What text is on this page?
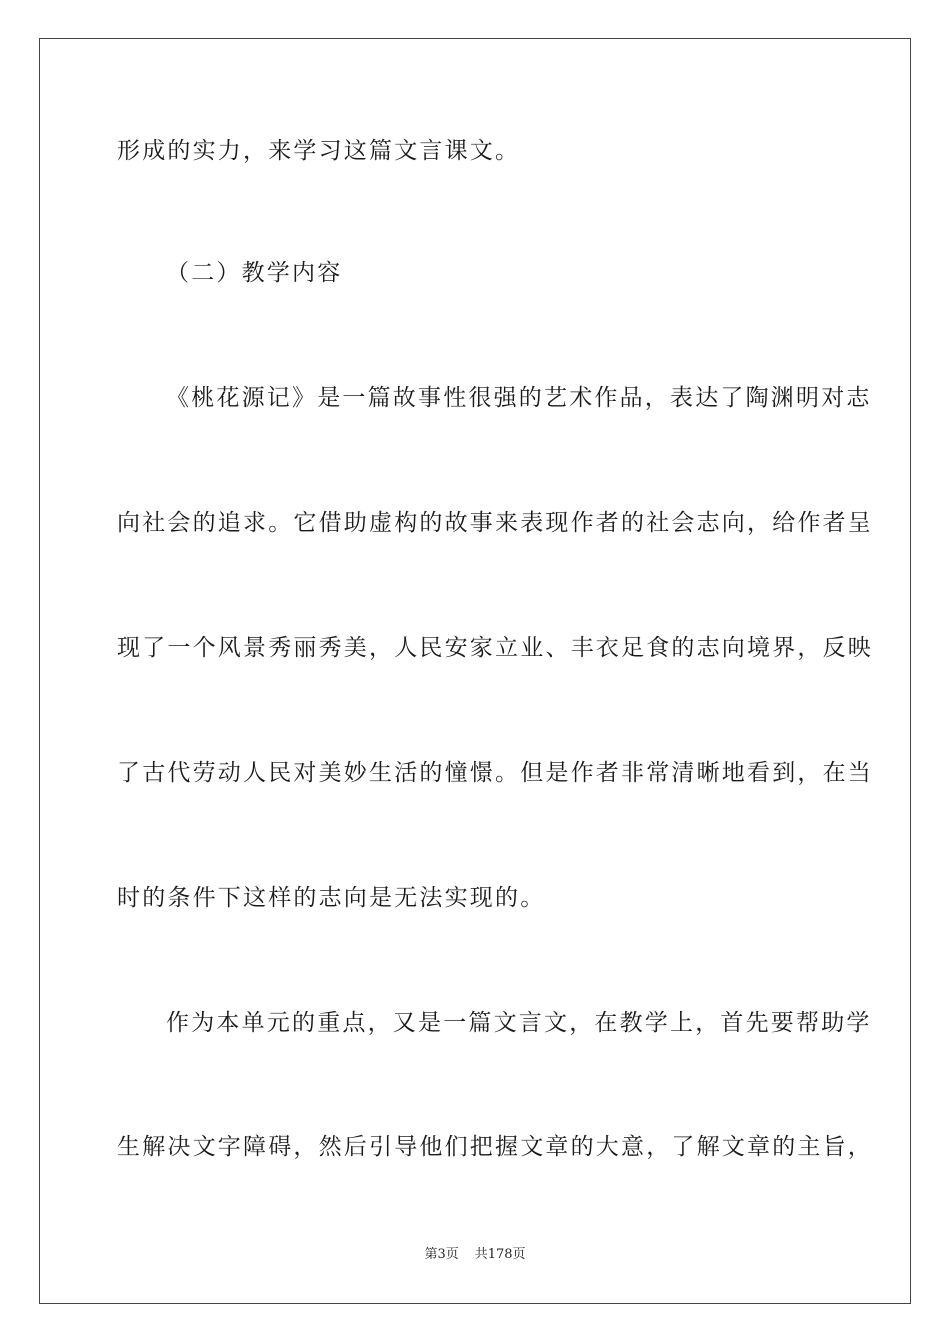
形成的实力，来学习这篇文言课文。
（二）教学内容
《桃花源记》是一篇故事性很强的艺术作品，表达了陶渊明对志
向社会的追求。它借助虚构的故事来表现作者的社会志向，给作者呈
现了一个风景秀丽秀美，人民安家立业、丰衣足食的志向境界，反映
了古代劳动人民对美妙生活的憧憬。但是作者非常清晰地看到，在当
时的条件下这样的志向是无法实现的。
作为本单元的重点，又是一篇文言文，在教学上，首先要帮助学
生解决文字障碍，然后引导他们把握文章的大意，了解文章的主旨，
第3页 共178页
